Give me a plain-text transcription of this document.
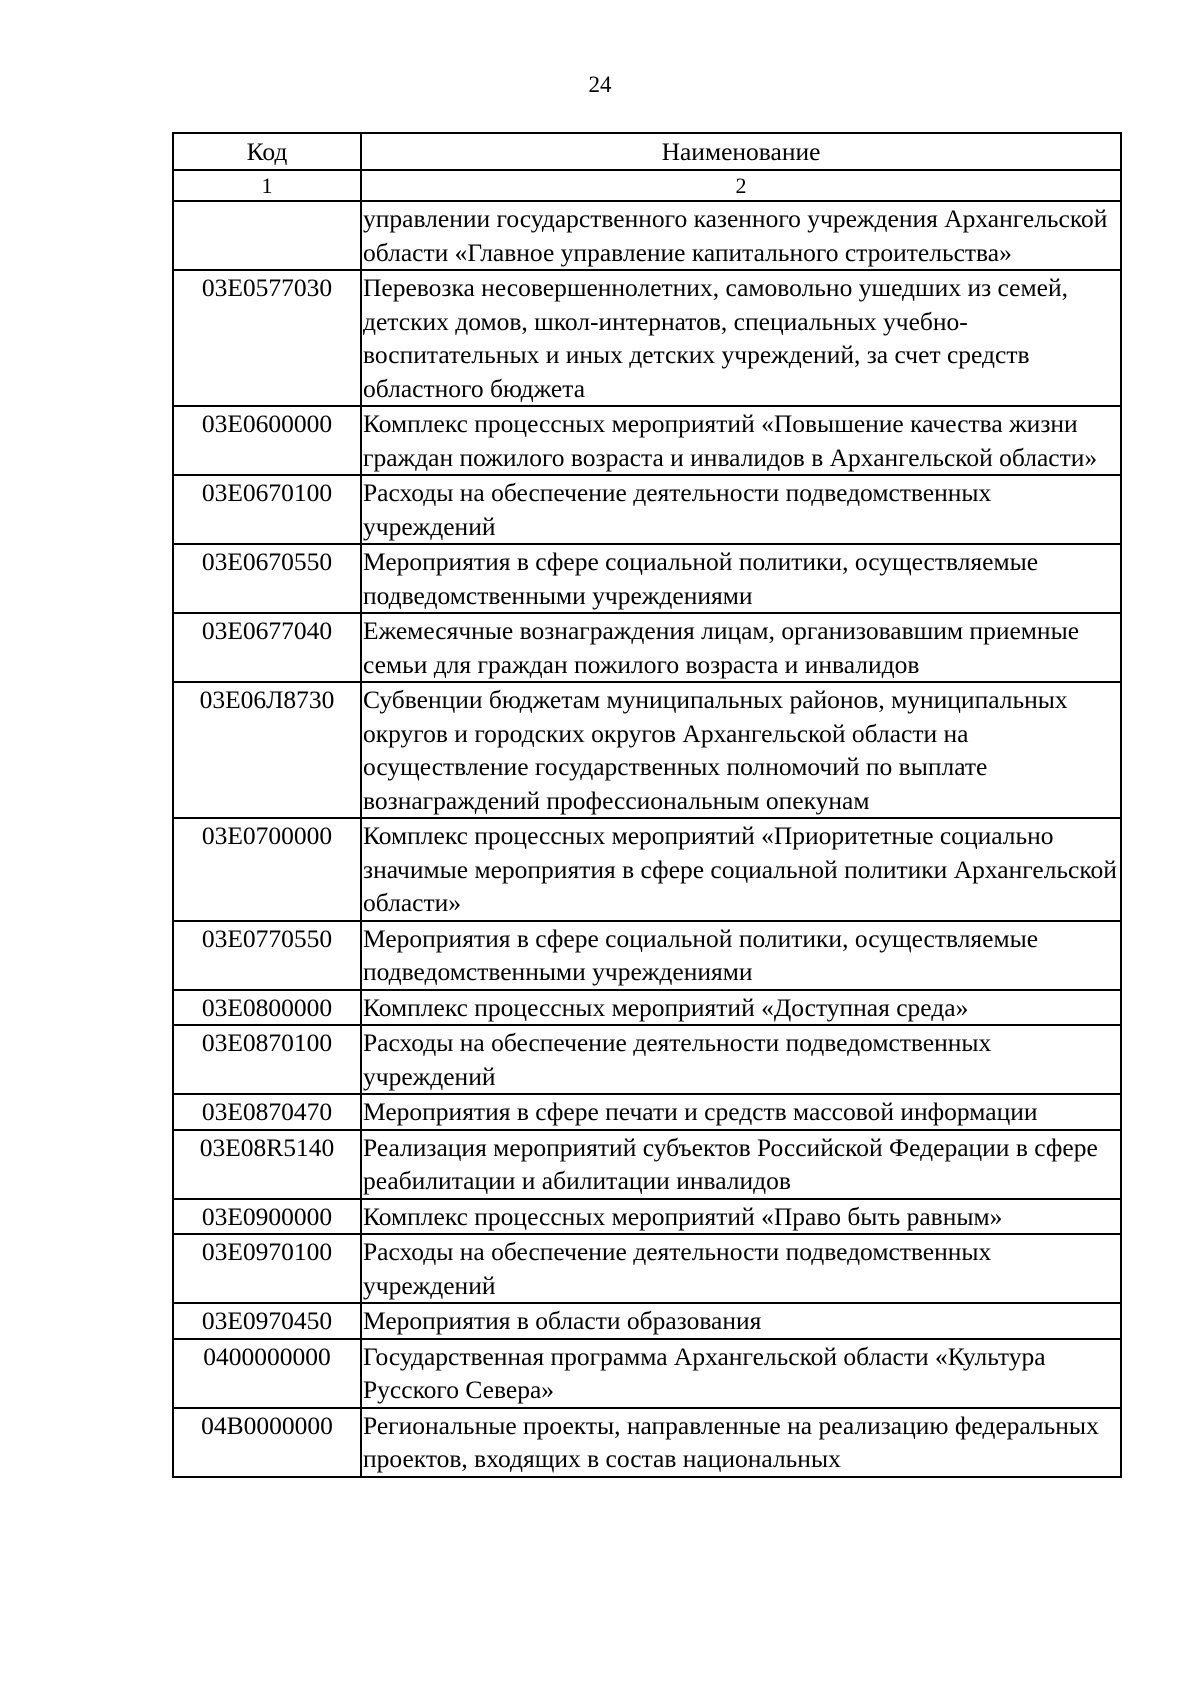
24
Код	Наименование
1	2
	управлении государственного казенного учреждения Архангельской области «Главное управление капитального строительства»
03Е0577030	Перевозка несовершеннолетних, самовольно ушедших из семей, детских домов, школ-интернатов, специальных учебно-воспитательных и иных детских учреждений, за счет средств областного бюджета
03Е0600000	Комплекс процессных мероприятий «Повышение качества жизни граждан пожилого возраста и инвалидов в Архангельской области»
03Е0670100	Расходы на обеспечение деятельности подведомственных учреждений
03Е0670550	Мероприятия в сфере социальной политики, осуществляемые подведомственными учреждениями
03Е0677040	Ежемесячные вознаграждения лицам, организовавшим приемные семьи для граждан пожилого возраста и инвалидов
03Е06Л8730	Субвенции бюджетам муниципальных районов, муниципальных округов и городских округов Архангельской области на осуществление государственных полномочий по выплате вознаграждений профессиональным опекунам
03Е0700000	Комплекс процессных мероприятий «Приоритетные социально значимые мероприятия в сфере социальной политики Архангельской области»
03Е0770550	Мероприятия в сфере социальной политики, осуществляемые подведомственными учреждениями
03Е0800000	Комплекс процессных мероприятий «Доступная среда»
03Е0870100	Расходы на обеспечение деятельности подведомственных учреждений
03Е0870470	Мероприятия в сфере печати и средств массовой информации
03Е08R5140	Реализация мероприятий субъектов Российской Федерации в сфере реабилитации и абилитации инвалидов
03Е0900000	Комплекс процессных мероприятий «Право быть равным»
03Е0970100	Расходы на обеспечение деятельности подведомственных учреждений
03Е0970450	Мероприятия в области образования
0400000000	Государственная программа Архангельской области «Культура Русского Севера»
04В0000000	Региональные проекты, направленные на реализацию федеральных проектов, входящих в состав национальных
